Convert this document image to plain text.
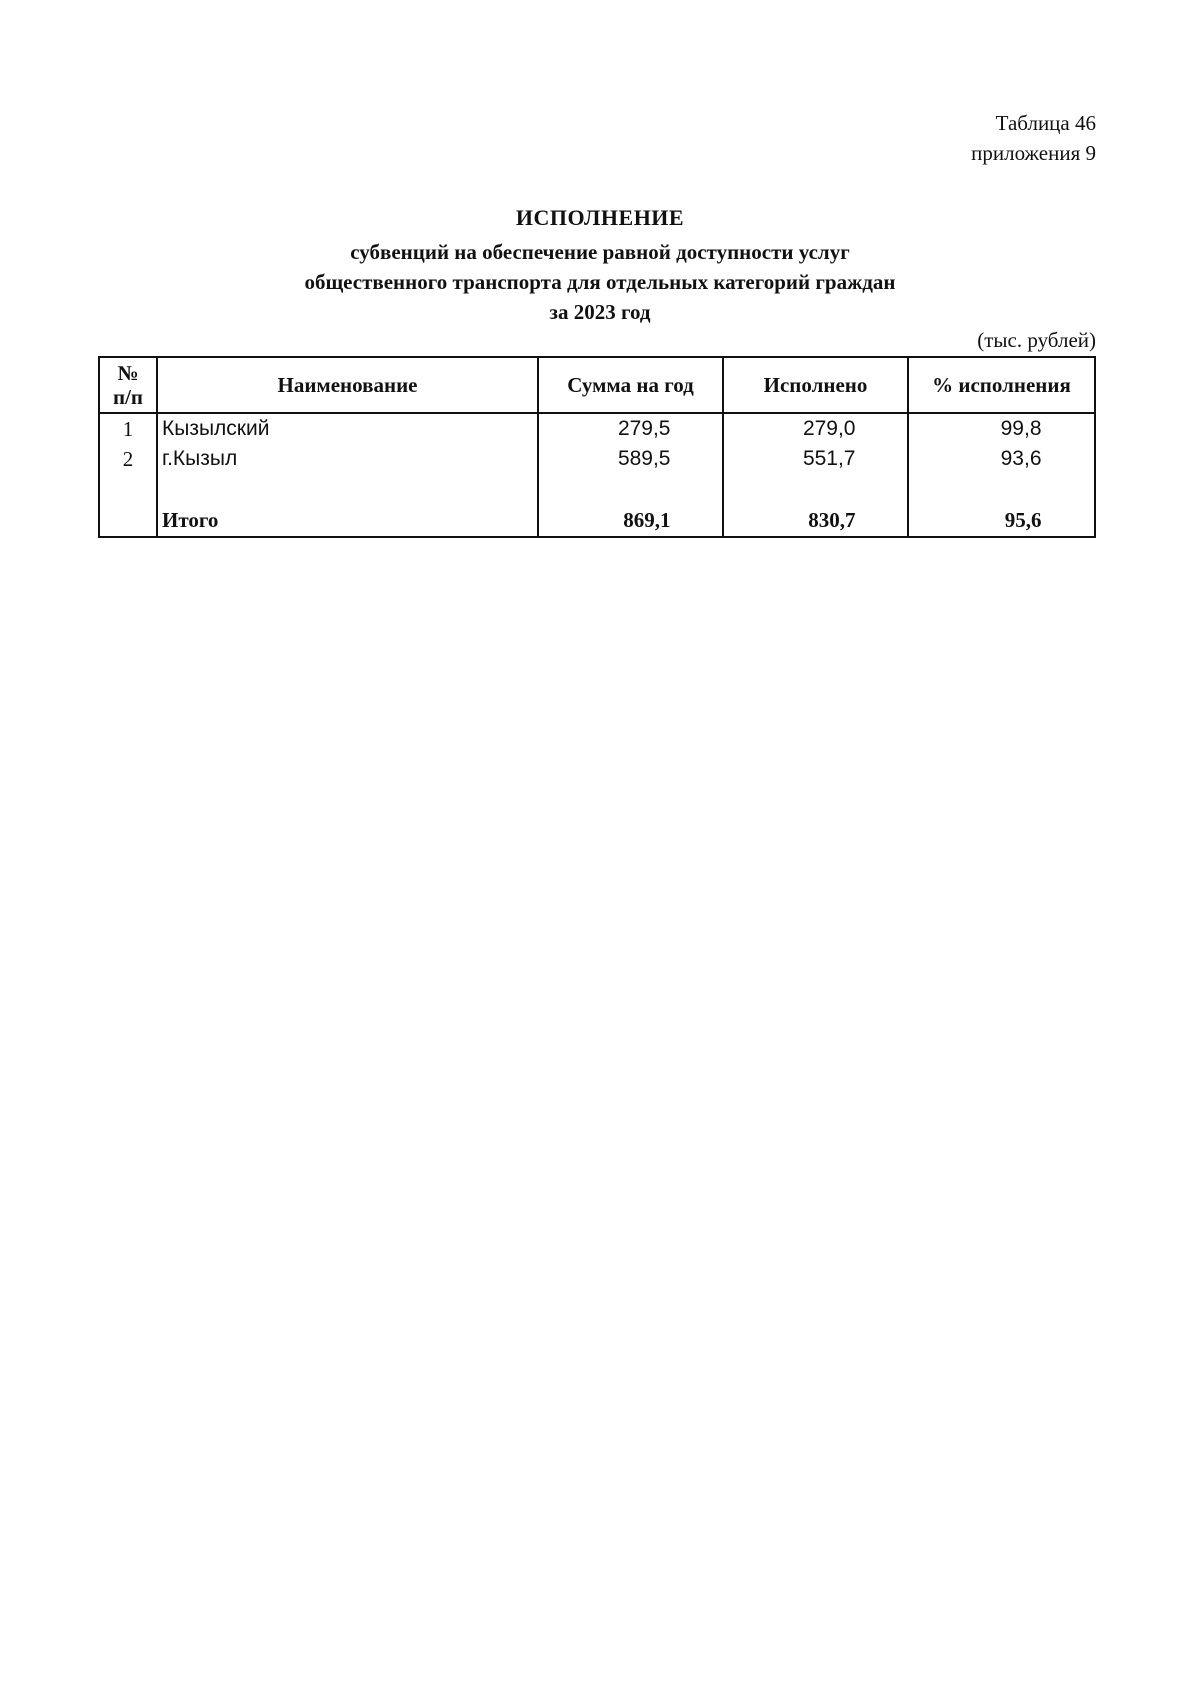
Таблица 46
приложения 9
ИСПОЛНЕНИЕ
субвенций на обеспечение равной доступности услуг
общественного транспорта для отдельных категорий граждан
за 2023 год
(тыс. рублей)
№
п/п	Наименование	Сумма на год	Исполнено	% исполнения
1	Кызылский	279,5	279,0	99,8
2	г.Кызыл	589,5	551,7	93,6

	Итого	869,1	830,7	95,6
